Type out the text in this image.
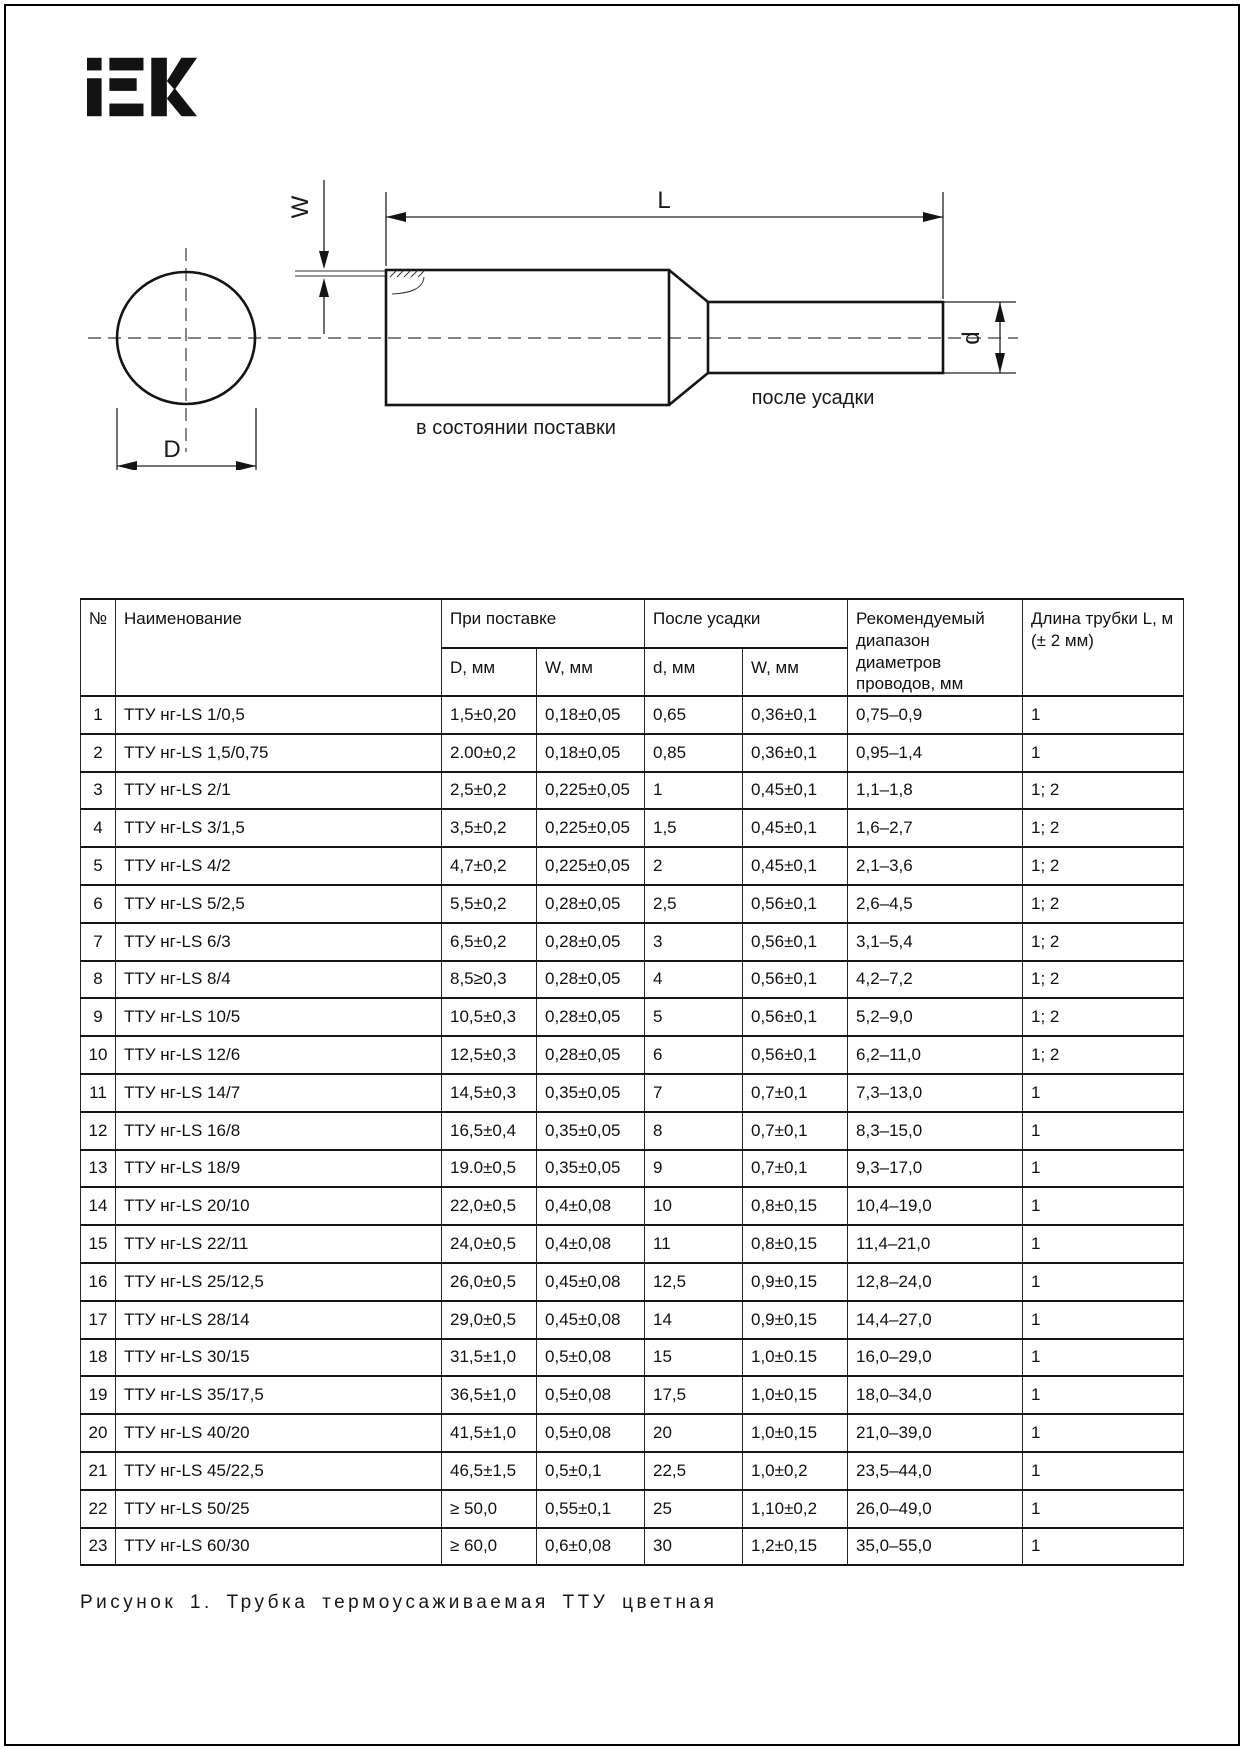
D
W	L
d
после усадки
в состоянии поставки
№	Наименование	При поставке		После усадки		Рекомендуемый диапазон диаметров проводов, мм	Длина трубки L, м (± 2 мм)
		D, мм	W, мм	d, мм	W, мм		
1	ТТУ нг-LS 1/0,5	1,5±0,20	0,18±0,05	0,65	0,36±0,1	0,75–0,9	1
2	ТТУ нг-LS 1,5/0,75	2.00±0,2	0,18±0,05	0,85	0,36±0,1	0,95–1,4	1
3	ТТУ нг-LS 2/1	2,5±0,2	0,225±0,05	1	0,45±0,1	1,1–1,8	1; 2
4	ТТУ нг-LS 3/1,5	3,5±0,2	0,225±0,05	1,5	0,45±0,1	1,6–2,7	1; 2
5	ТТУ нг-LS 4/2	4,7±0,2	0,225±0,05	2	0,45±0,1	2,1–3,6	1; 2
6	ТТУ нг-LS 5/2,5	5,5±0,2	0,28±0,05	2,5	0,56±0,1	2,6–4,5	1; 2
7	ТТУ нг-LS 6/3	6,5±0,2	0,28±0,05	3	0,56±0,1	3,1–5,4	1; 2
8	ТТУ нг-LS 8/4	8,5≥0,3	0,28±0,05	4	0,56±0,1	4,2–7,2	1; 2
9	ТТУ нг-LS 10/5	10,5±0,3	0,28±0,05	5	0,56±0,1	5,2–9,0	1; 2
10	ТТУ нг-LS 12/6	12,5±0,3	0,28±0,05	6	0,56±0,1	6,2–11,0	1; 2
11	ТТУ нг-LS 14/7	14,5±0,3	0,35±0,05	7	0,7±0,1	7,3–13,0	1
12	ТТУ нг-LS 16/8	16,5±0,4	0,35±0,05	8	0,7±0,1	8,3–15,0	1
13	ТТУ нг-LS 18/9	19.0±0,5	0,35±0,05	9	0,7±0,1	9,3–17,0	1
14	ТТУ нг-LS 20/10	22,0±0,5	0,4±0,08	10	0,8±0,15	10,4–19,0	1
15	ТТУ нг-LS 22/11	24,0±0,5	0,4±0,08	11	0,8±0,15	11,4–21,0	1
16	ТТУ нг-LS 25/12,5	26,0±0,5	0,45±0,08	12,5	0,9±0,15	12,8–24,0	1
17	ТТУ нг-LS 28/14	29,0±0,5	0,45±0,08	14	0,9±0,15	14,4–27,0	1
18	ТТУ нг-LS 30/15	31,5±1,0	0,5±0,08	15	1,0±0.15	16,0–29,0	1
19	ТТУ нг-LS 35/17,5	36,5±1,0	0,5±0,08	17,5	1,0±0,15	18,0–34,0	1
20	ТТУ нг-LS 40/20	41,5±1,0	0,5±0,08	20	1,0±0,15	21,0–39,0	1
21	ТТУ нг-LS 45/22,5	46,5±1,5	0,5±0,1	22,5	1,0±0,2	23,5–44,0	1
22	ТТУ нг-LS 50/25	≥ 50,0	0,55±0,1	25	1,10±0,2	26,0–49,0	1
23	ТТУ нг-LS 60/30	≥ 60,0	0,6±0,08	30	1,2±0,15	35,0–55,0	1
Рисунок 1. Трубка термоусаживаемая ТТУ цветная
